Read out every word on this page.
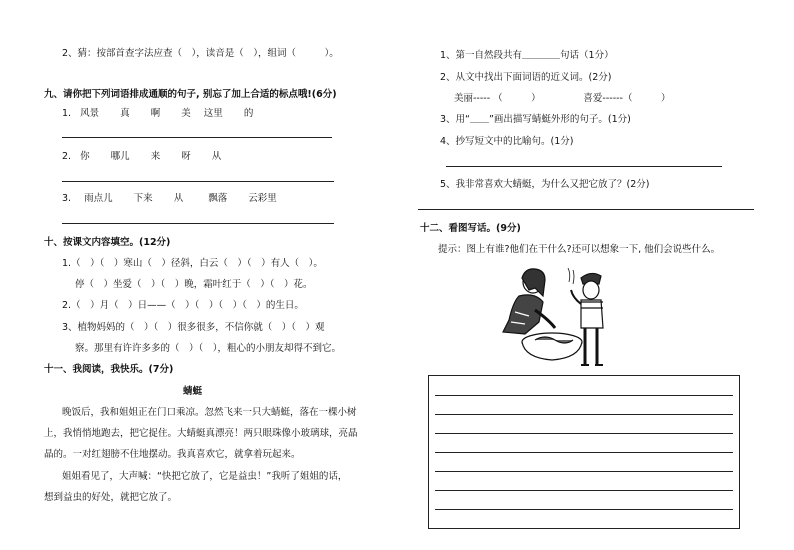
2、猜：按部首查字法应查（　），读音是（　），组词（　　　）。
九、请你把下列词语排成通顺的句子, 别忘了加上合适的标点哦!(6分)
1. 风景 真 啊 美 这里 的
2. 你 哪儿 来 呀 从
3. 雨点儿 下来 从	飘落 云彩里
十、按课文内容填空。(12分)
1.（　）（　）寒山（　）径斜，白云（　）（　）有人（　）。
停（　）坐爱（　）（　）晚，霜叶红于（　）（　）花。
2.（　）月（　）日——（　）（　）（　）（　）的生日。
3、植物妈妈的（　）（　）很多很多，不信你就（　）（　）观
察。那里有许许多多的（　）（　），粗心的小朋友却得不到它。
十一、我阅读，我快乐。(7分)
蜻蜓
晚饭后，我和姐姐正在门口乘凉。忽然飞来一只大蜻蜓，落在一棵小树
上，我悄悄地跑去，把它捉住。大蜻蜓真漂亮！两只眼珠像小玻璃球，亮晶
晶的。一对红翅膀不住地摆动。我真喜欢它，就拿着玩起来。
姐姐看见了，大声喊：“快把它放了，它是益虫！”我听了姐姐的话，
想到益虫的好处，就把它放了。
1、第一自然段共有＿＿＿＿句话（1分）
2、从文中找出下面词语的近义词。(2分)
美丽----- （　　　）　　　　　喜爱------（　　　）
3、用“＿＿”画出描写蜻蜓外形的句子。(1分)
4、抄写短文中的比喻句。(1分)
5、我非常喜欢大蜻蜓，为什么又把它放了？(2分)
十二、看图写话。(9分)
提示：图上有谁?他们在干什么?还可以想象一下, 他们会说些什么。
